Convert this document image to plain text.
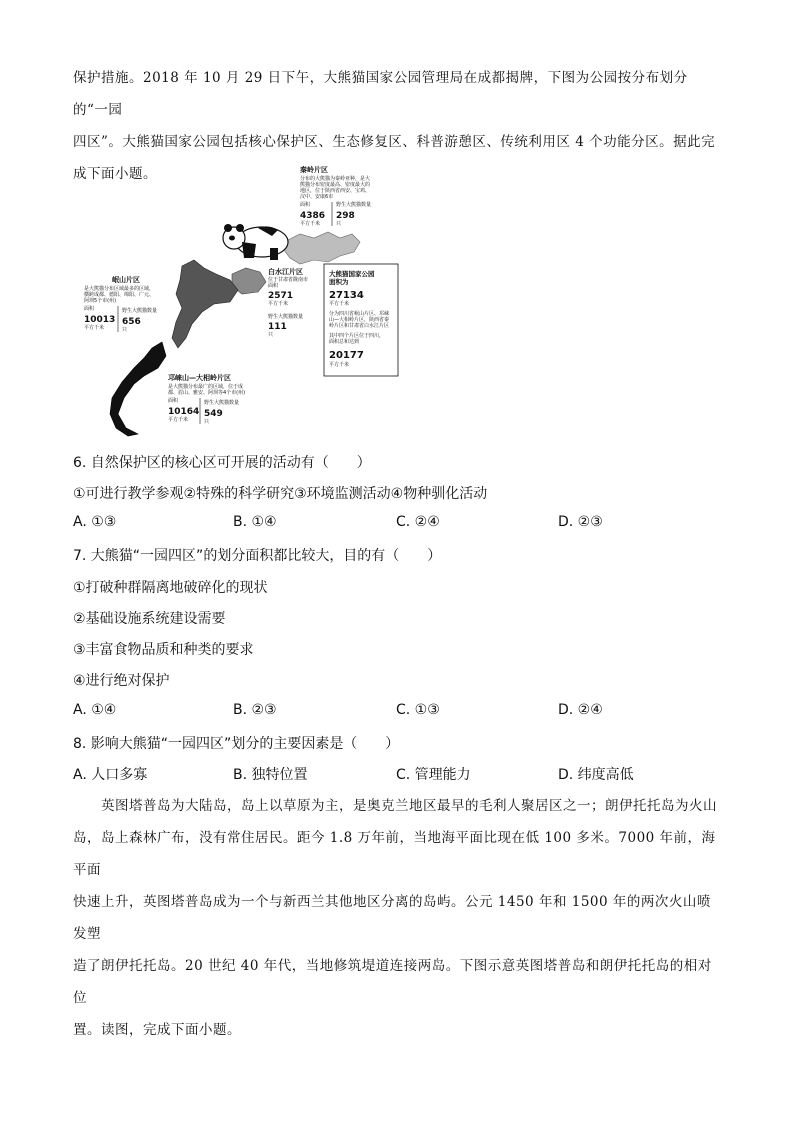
保护措施。2018 年 10 月 29 日下午，大熊猫国家公园管理局在成都揭牌，下图为公园按分布划分的“一园
四区”。大熊猫国家公园包括核心保护区、生态修复区、科普游憩区、传统利用区 4 个功能分区。据此完
成下面小题。	秦岭片区
分布的大熊猫为秦岭亚种，是大
熊猫分布密度最高、密度最大的
地区，位于陕西省西安、宝鸡、
汉中、安康6市
面积
4386
平方千米
野生大熊猫数量
298
只
白水江片区
位于甘肃省陇南市
面积
2571
平方千米
野生大熊猫数量
111
只
岷山片区
是大熊猫分布区域最多的区域，
横跨成都、德阳、绵阳、广元、
阿坝5个市(州)
面积
10013
平方千米
野生大熊猫数量
656
只
邛崃山—大相岭片区
是大熊猫分布最广的区域，位于成
都、眉山、雅安、阿坝等4个市(州)
面积
10164
平方千米
野生大熊猫数量
549
只
大熊猫国家公园
面积为
27134
平方千米
分为四川省岷山片区、邛崃
山—大相岭片区，陕西省秦
岭片区和甘肃省白水江片区
其中四个片区位于四川，
面积总和达到
20177
平方千米
6. 自然保护区的核心区可开展的活动有（　　）
①可进行教学参观②特殊的科学研究③环境监测活动④物种驯化活动
A. ①③	B. ①④	C. ②④	D. ②③
7. 大熊猫“一园四区”的划分面积都比较大，目的有（　　）
①打破种群隔离地破碎化的现状
②基础设施系统建设需要
③丰富食物品质和种类的要求
④进行绝对保护
A. ①④	B. ②③	C. ①③	D. ②④
8. 影响大熊猫“一园四区”划分的主要因素是（　　）
A. 人口多寡	B. 独特位置	C. 管理能力	D. 纬度高低
　　英图塔普岛为大陆岛，岛上以草原为主，是奥克兰地区最早的毛利人聚居区之一；朗伊托托岛为火山
岛，岛上森林广布，没有常住居民。距今 1.8 万年前，当地海平面比现在低 100 多米。7000 年前，海平面
快速上升，英图塔普岛成为一个与新西兰其他地区分离的岛屿。公元 1450 年和 1500 年的两次火山喷发塑
造了朗伊托托岛。20 世纪 40 年代，当地修筑堤道连接两岛。下图示意英图塔普岛和朗伊托托岛的相对位
置。读图，完成下面小题。
